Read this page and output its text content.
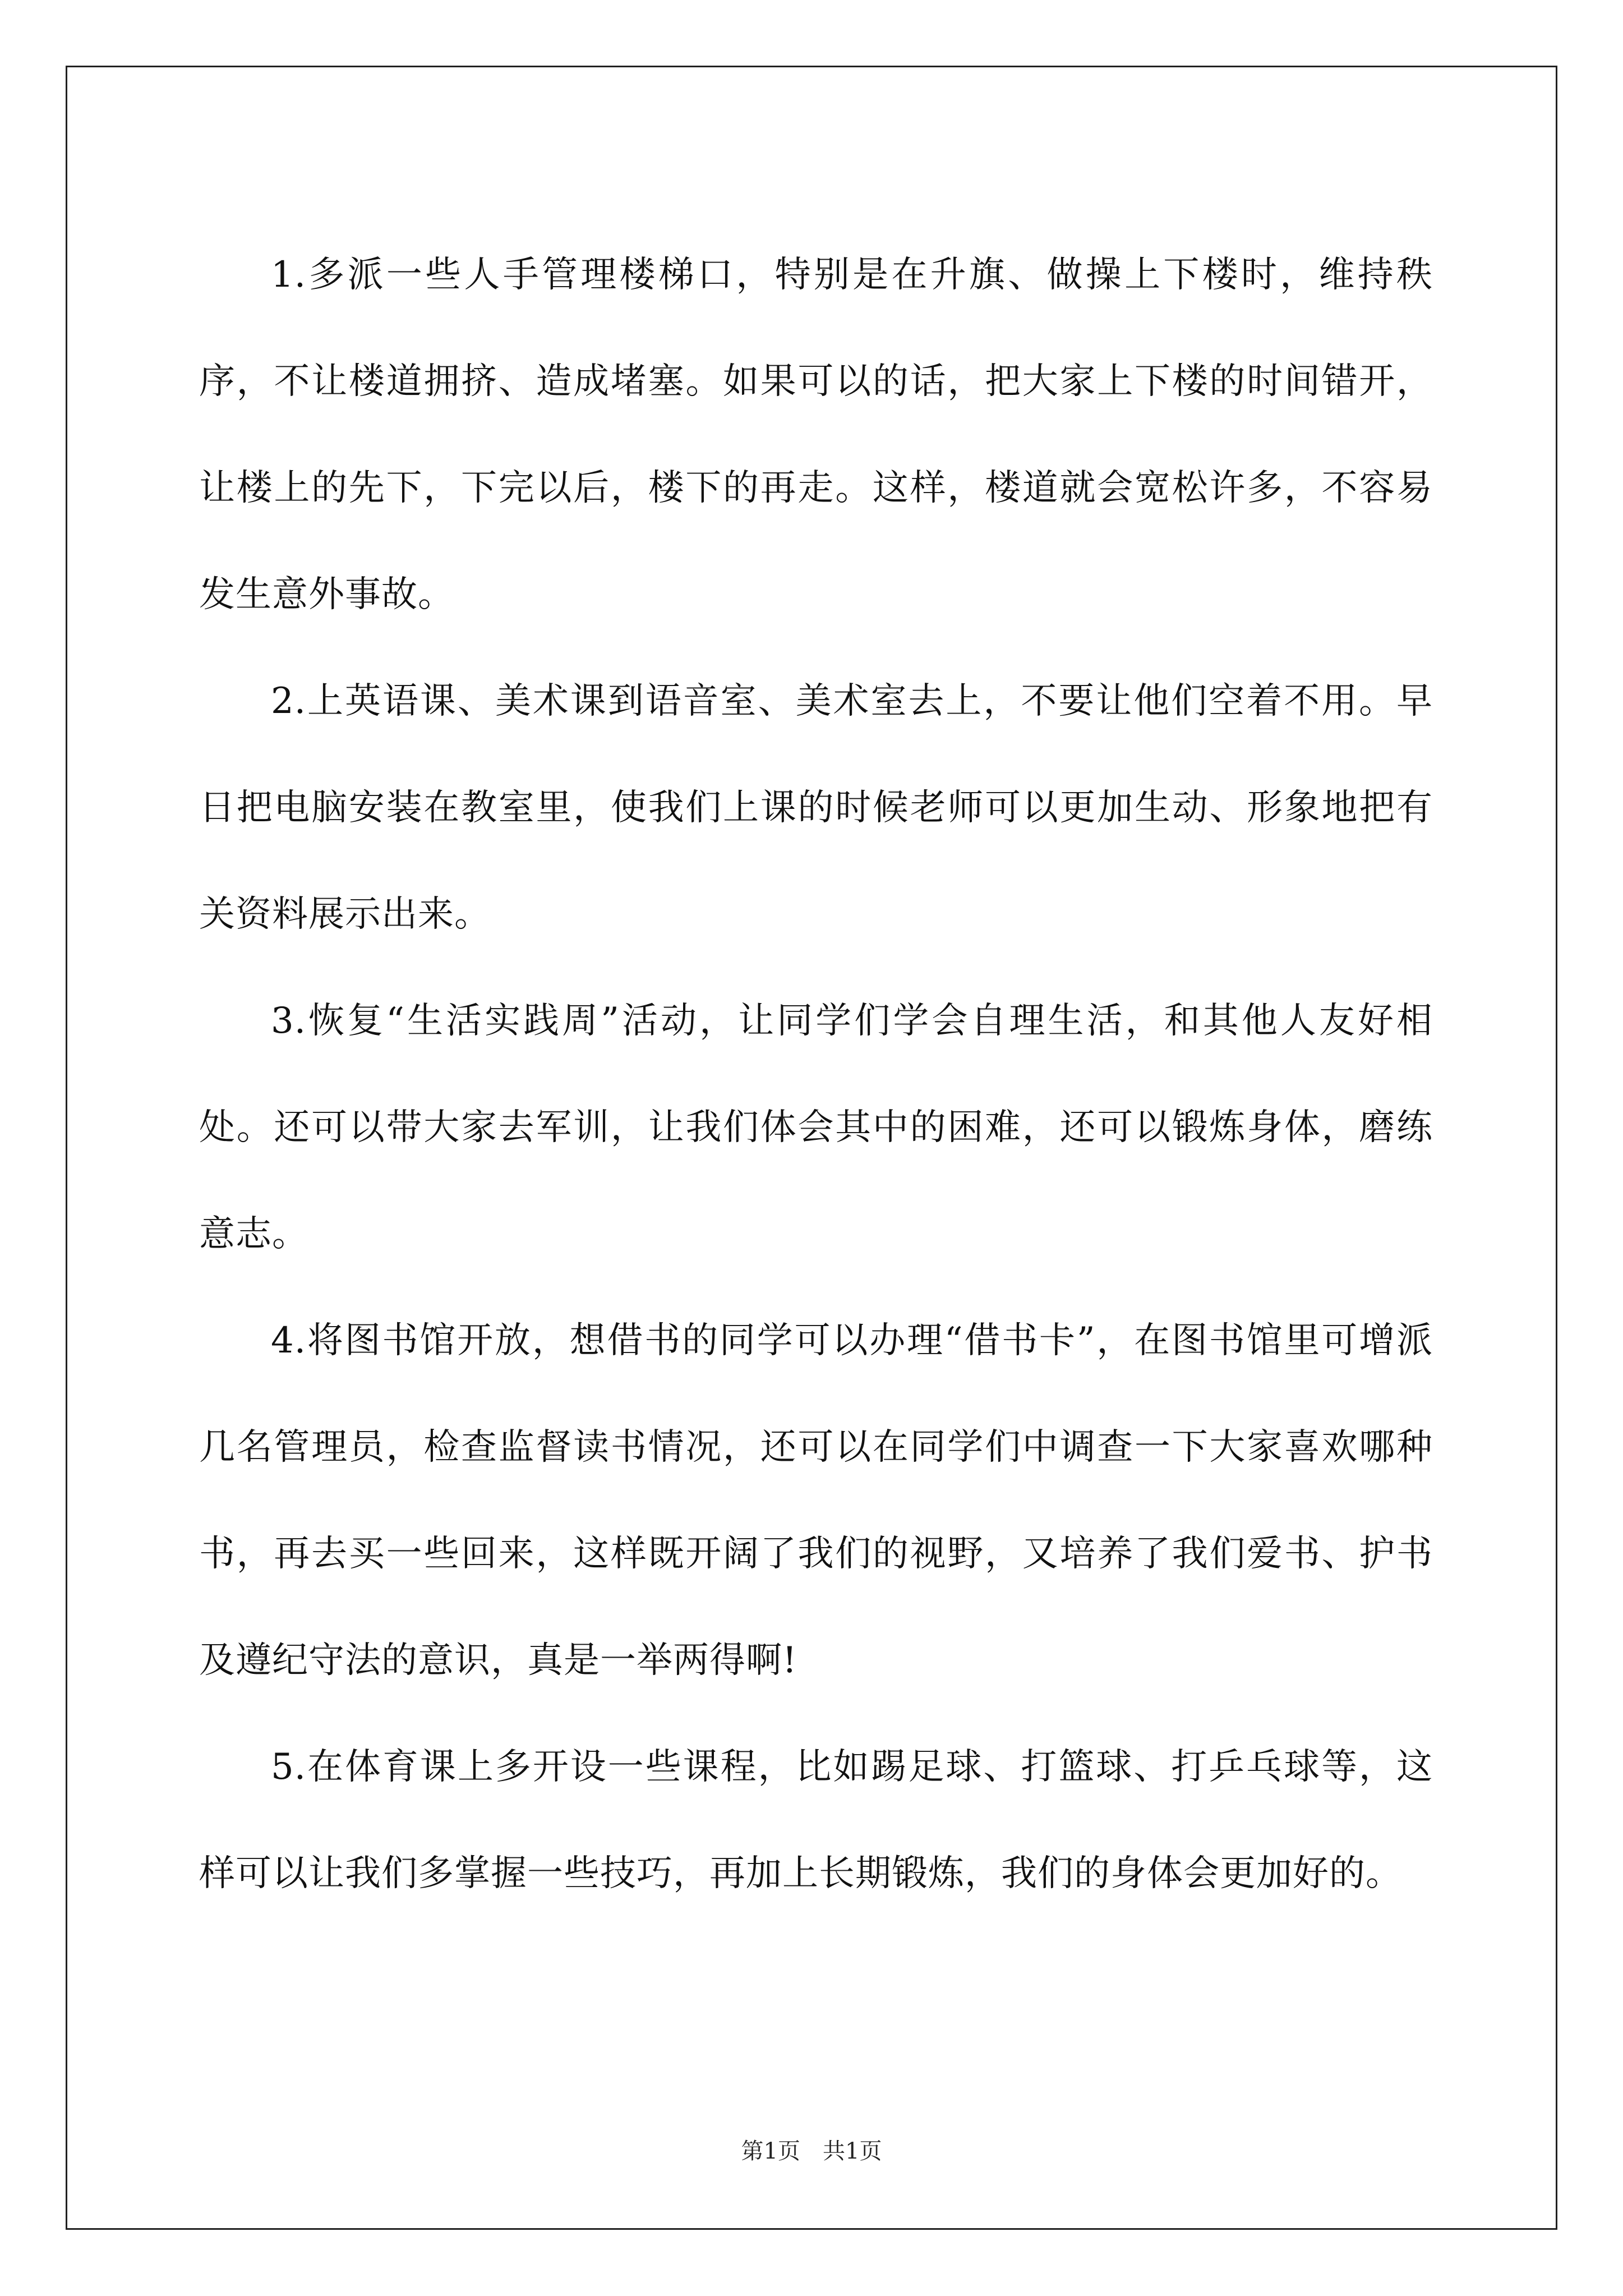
1.多派一些人手管理楼梯口，特别是在升旗、做操上下楼时，维持秩序，不让楼道拥挤、造成堵塞。如果可以的话，把大家上下楼的时间错开，让楼上的先下，下完以后，楼下的再走。这样，楼道就会宽松许多，不容易发生意外事故。

2.上英语课、美术课到语音室、美术室去上，不要让他们空着不用。早日把电脑安装在教室里，使我们上课的时候老师可以更加生动、形象地把有关资料展示出来。

3.恢复“生活实践周”活动，让同学们学会自理生活，和其他人友好相处。还可以带大家去军训，让我们体会其中的困难，还可以锻炼身体，磨练意志。

4.将图书馆开放，想借书的同学可以办理“借书卡”，在图书馆里可增派几名管理员，检查监督读书情况，还可以在同学们中调查一下大家喜欢哪种书，再去买一些回来，这样既开阔了我们的视野，又培养了我们爱书、护书及遵纪守法的意识，真是一举两得啊!

5.在体育课上多开设一些课程，比如踢足球、打篮球、打乒乓球等，这样可以让我们多掌握一些技巧，再加上长期锻炼，我们的身体会更加好的。

第1页　共1页
